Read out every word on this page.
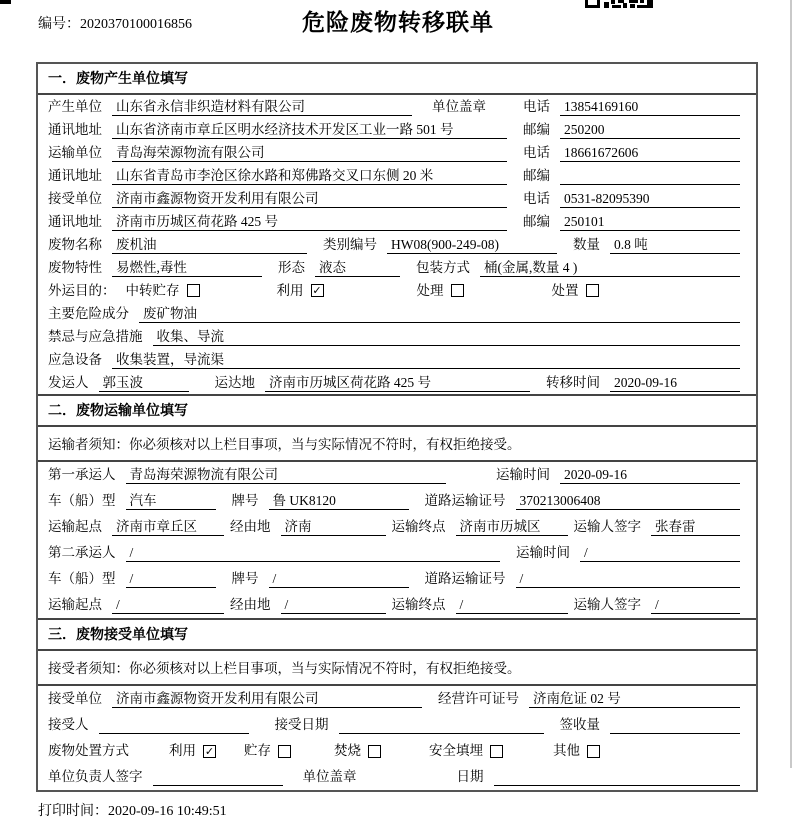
编号：2020370100016856	危险废物转移联单
一．废物产生单位填写
产生单位 山东省永信非织造材料有限公司	单位盖章	电话 13854169160
通讯地址 山东省济南市章丘区明水经济技术开发区工业一路 501 号	邮编 250200
运输单位 青岛海荣源物流有限公司	电话 18661672606
通讯地址 山东省青岛市李沧区徐水路和郑佛路交叉口东侧 20 米	邮编
接受单位 济南市鑫源物资开发利用有限公司	电话 0531-82095390
通讯地址 济南市历城区荷花路 425 号	邮编 250101
废物名称 废机油	类别编号 HW08(900-249-08)	数量 0.8 吨
废物特性 易燃性,毒性	形态 液态	包装方式 桶(金属,数量 4 )
外运目的： 中转贮存	利用 ✓	处理	处置
主要危险成分 废矿物油
禁忌与应急措施 收集、导流
应急设备 收集装置，导流渠
发运人 郭玉波	运达地 济南市历城区荷花路 425 号	转移时间 2020-09-16
二．废物运输单位填写
运输者须知：你必须核对以上栏目事项，当与实际情况不符时，有权拒绝接受。
第一承运人 青岛海荣源物流有限公司	运输时间 2020-09-16
车（船）型 汽车	牌号 鲁 UK8120	道路运输证号 370213006408
运输起点 济南市章丘区	经由地 济南	运输终点 济南市历城区	运输人签字 张春雷
第二承运人 /	运输时间 /
车（船）型 /	牌号 /	道路运输证号 /
运输起点 /	经由地 /	运输终点 /	运输人签字 /
三．废物接受单位填写
接受者须知：你必须核对以上栏目事项，当与实际情况不符时，有权拒绝接受。
接受单位 济南市鑫源物资开发利用有限公司	经营许可证号 济南危证 02 号
接受人	接受日期	签收量
废物处置方式	利用 ✓ 贮存	焚烧	安全填埋	其他
单位负责人签字	单位盖章	日期
打印时间：2020-09-16 10:49:51
